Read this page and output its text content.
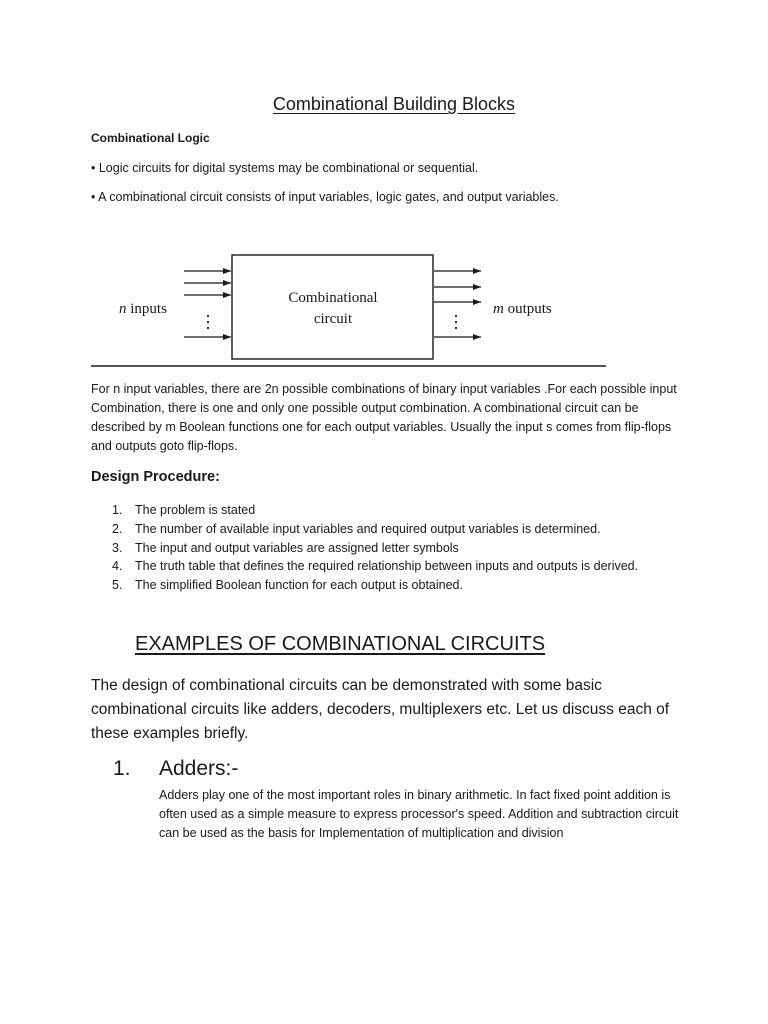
Combinational Building Blocks
Combinational Logic
• Logic circuits for digital systems may be combinational or sequential.
• A combinational circuit consists of input variables, logic gates, and output variables.
Combinational
circuit
n inputs	m outputs
For n input variables, there are 2n possible combinations of binary input variables .For each possible input Combination, there is one and only one possible output combination. A combinational circuit can be described by m Boolean functions one for each output variables. Usually the input s comes from flip-flops and outputs goto flip-flops.
Design Procedure:
1. The problem is stated
2. The number of available input variables and required output variables is determined.
3. The input and output variables are assigned letter symbols
4. The truth table that defines the required relationship between inputs and outputs is derived.
5. The simplified Boolean function for each output is obtained.
EXAMPLES OF COMBINATIONAL CIRCUITS
The design of combinational circuits can be demonstrated with some basic combinational circuits like adders, decoders, multiplexers etc. Let us discuss each of these examples briefly.
1. Adders:-
Adders play one of the most important roles in binary arithmetic. In fact fixed point addition is often used as a simple measure to express processor's speed. Addition and subtraction circuit can be used as the basis for Implementation of multiplication and division
